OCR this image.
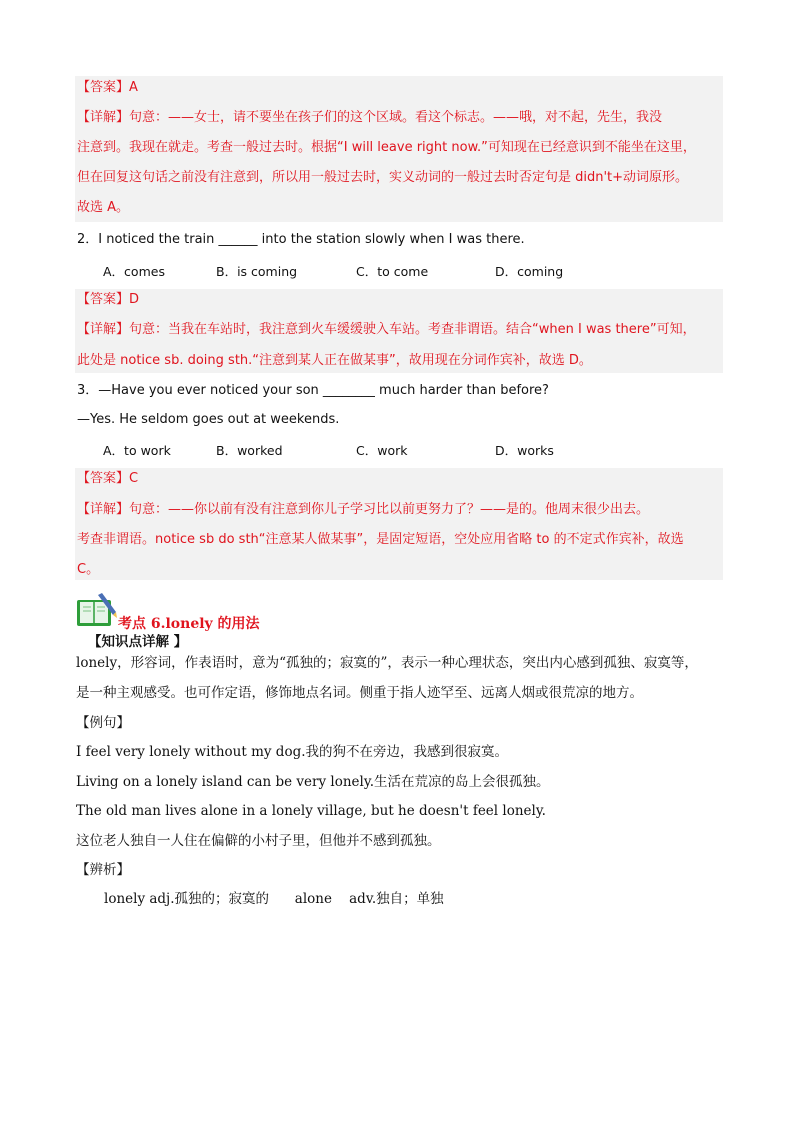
【答案】A
【详解】句意：——女士，请不要坐在孩子们的这个区域。看这个标志。——哦，对不起，先生，我没
注意到。我现在就走。考查一般过去时。根据“I will leave right now.”可知现在已经意识到不能坐在这里，
但在回复这句话之前没有注意到，所以用一般过去时，实义动词的一般过去时否定句是 didn't+动词原形。
故选 A。
2．I noticed the train ______ into the station slowly when I was there.
A．comes	B．is coming	C．to come	D．coming
【答案】D
【详解】句意：当我在车站时，我注意到火车缓缓驶入车站。考查非谓语。结合“when I was there”可知，
此处是 notice sb. doing sth.“注意到某人正在做某事”，故用现在分词作宾补，故选 D。
3．—Have you ever noticed your son ________ much harder than before?
—Yes. He seldom goes out at weekends.
A．to work	B．worked	C．work	D．works
【答案】C
【详解】句意：——你以前有没有注意到你儿子学习比以前更努力了？——是的。他周末很少出去。
考查非谓语。notice sb do sth“注意某人做某事”，是固定短语，空处应用省略 to 的不定式作宾补，故选
C。
考点 6.lonely 的用法
【知识点详解 】
lonely，形容词，作表语时，意为“孤独的；寂寞的”，表示一种心理状态，突出内心感到孤独、寂寞等，
是一种主观感受。也可作定语，修饰地点名词。侧重于指人迹罕至、远离人烟或很荒凉的地方。
【例句】
I feel very lonely without my dog.我的狗不在旁边，我感到很寂寞。
Living on a lonely island can be very lonely.生活在荒凉的岛上会很孤独。
The old man lives alone in a lonely village, but he doesn't feel lonely.
这位老人独自一人住在偏僻的小村子里，但他并不感到孤独。
【辨析】
lonely adj.孤独的；寂寞的      alone    adv.独自；单独
